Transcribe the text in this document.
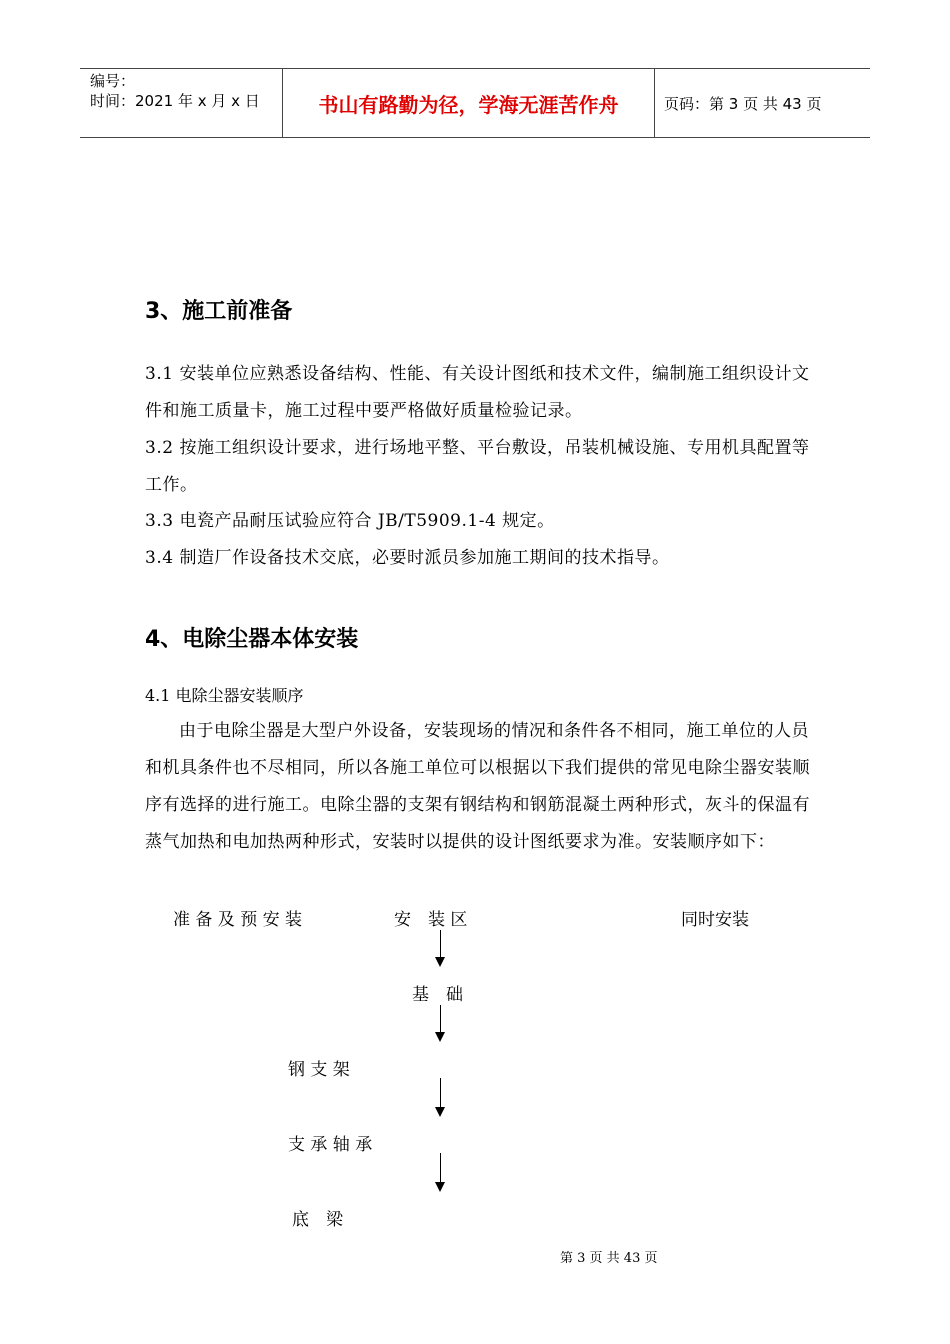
编号：
时间：2021 年 x 月 x 日	书山有路勤为径，学海无涯苦作舟	页码：第 3 页 共 43 页
3、施工前准备
3.1 安装单位应熟悉设备结构、性能、有关设计图纸和技术文件，编制施工组织设计文件和施工质量卡，施工过程中要严格做好质量检验记录。
3.2 按施工组织设计要求，进行场地平整、平台敷设，吊装机械设施、专用机具配置等工作。
3.3 电瓷产品耐压试验应符合 JB/T5909.1-4 规定。
3.4 制造厂作设备技术交底，必要时派员参加施工期间的技术指导。
4、电除尘器本体安装
4.1 电除尘器安装顺序
由于电除尘器是大型户外设备，安装现场的情况和条件各不相同，施工单位的人员和机具条件也不尽相同，所以各施工单位可以根据以下我们提供的常见电除尘器安装顺序有选择的进行施工。电除尘器的支架有钢结构和钢筋混凝土两种形式，灰斗的保温有蒸气加热和电加热两种形式，安装时以提供的设计图纸要求为准。安装顺序如下：
准 备 及 预 安 装	安　装 区	同时安装
基　础
钢 支 架
支 承 轴 承
底　梁
第 3 页 共 43 页
